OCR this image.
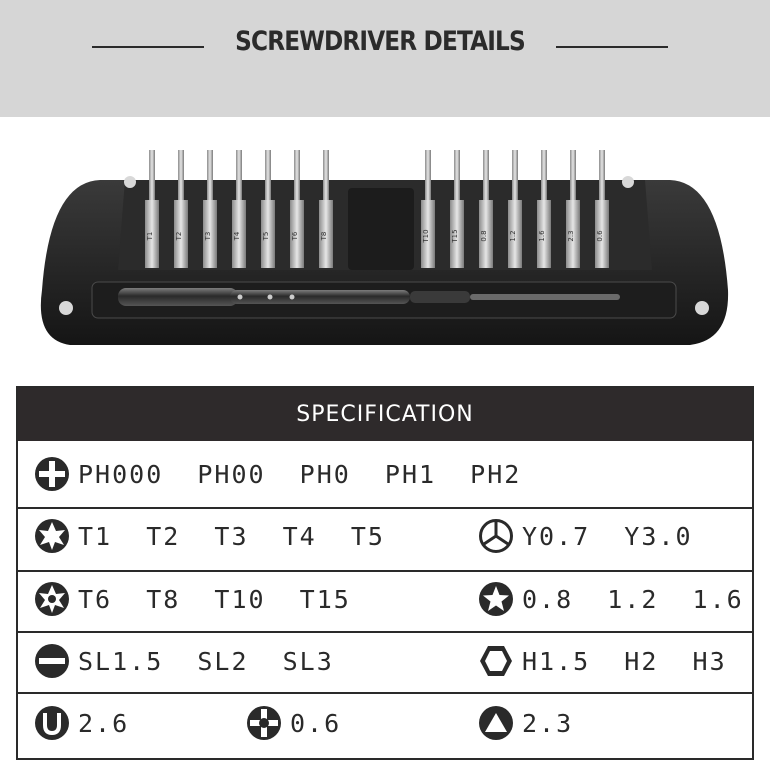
SCREWDRIVER DETAILS
T1	T2	T3	T4	T5	T6	T8	T10	T15	0.8	1.2	1.6	2.3	0.6
SPECIFICATION
PH000  PH00  PH0  PH1  PH2
T1  T2  T3  T4  T5	Y0.7  Y3.0
T6  T8  T10  T15	0.8  1.2  1.6
SL1.5  SL2  SL3	H1.5  H2  H3
2.6	0.6	2.3
